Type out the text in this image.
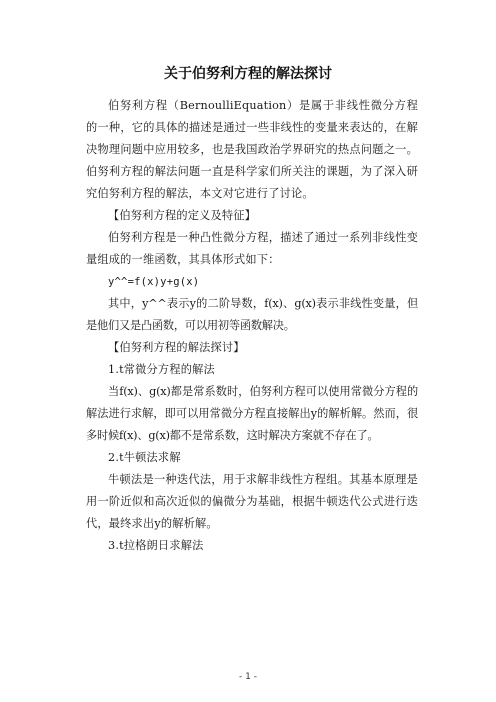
关于伯努利方程的解法探讨

伯努利方程（BernoulliEquation）是属于非线性微分方程的一种，它的具体的描述是通过一些非线性的变量来表达的，在解决物理问题中应用较多，也是我国政治学界研究的热点问题之一。伯努利方程的解法问题一直是科学家们所关注的课题，为了深入研究伯努利方程的解法，本文对它进行了讨论。

【伯努利方程的定义及特征】

伯努利方程是一种凸性微分方程，描述了通过一系列非线性变量组成的一维函数，其具体形式如下：

y^^=f(x)y+g(x)

其中，y^^表示y的二阶导数，f(x)、g(x)表示非线性变量，但是他们又是凸函数，可以用初等函数解决。

【伯努利方程的解法探讨】

1.t常微分方程的解法

当f(x)、g(x)都是常系数时，伯努利方程可以使用常微分方程的解法进行求解，即可以用常微分方程直接解出y的解析解。然而，很多时候f(x)、g(x)都不是常系数，这时解决方案就不存在了。

2.t牛顿法求解

牛顿法是一种迭代法，用于求解非线性方程组。其基本原理是用一阶近似和高次近似的偏微分为基础，根据牛顿迭代公式进行迭代，最终求出y的解析解。

3.t拉格朗日求解法

- 1 -
